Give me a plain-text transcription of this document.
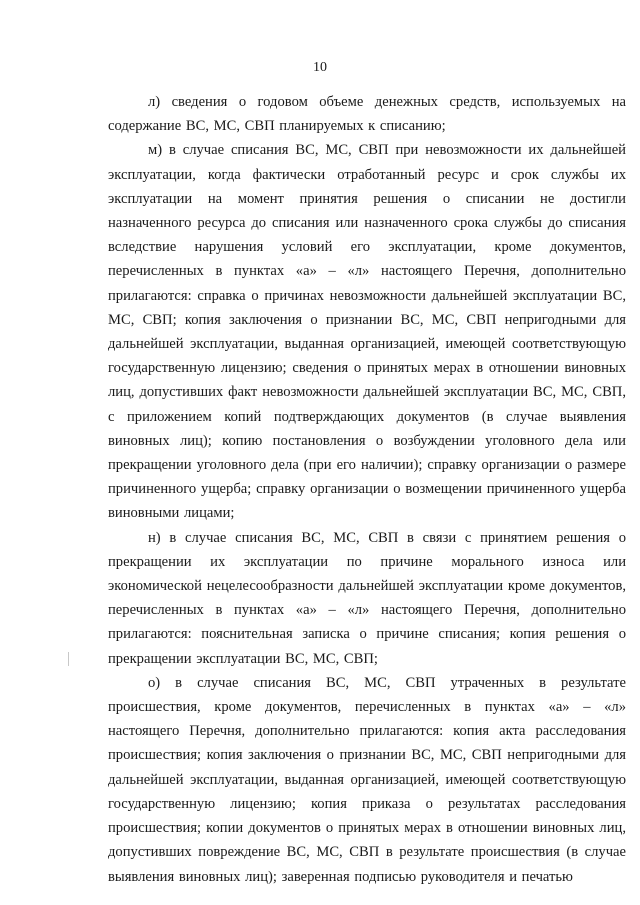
10

л) сведения о годовом объеме денежных средств, используемых на содержание ВС, МС, СВП планируемых к списанию;

м) в случае списания ВС, МС, СВП при невозможности их дальнейшей эксплуатации, когда фактически отработанный ресурс и срок службы их эксплуатации на момент принятия решения о списании не достигли назначенного ресурса до списания или назначенного срока службы до списания вследствие нарушения условий его эксплуатации, кроме документов, перечисленных в пунктах «а» – «л» настоящего Перечня, дополнительно прилагаются: справка о причинах невозможности дальнейшей эксплуатации ВС, МС, СВП; копия заключения о признании ВС, МС, СВП непригодными для дальнейшей эксплуатации, выданная организацией, имеющей соответствующую государственную лицензию; сведения о принятых мерах в отношении виновных лиц, допустивших факт невозможности дальнейшей эксплуатации ВС, МС, СВП, с приложением копий подтверждающих документов (в случае выявления виновных лиц); копию постановления о возбуждении уголовного дела или прекращении уголовного дела (при его наличии); справку организации о размере причиненного ущерба; справку организации о возмещении причиненного ущерба виновными лицами;

н) в случае списания ВС, МС, СВП в связи с принятием решения о прекращении их эксплуатации по причине морального износа или экономической нецелесообразности дальнейшей эксплуатации кроме документов, перечисленных в пунктах «а» – «л» настоящего Перечня, дополнительно прилагаются: пояснительная записка о причине списания; копия решения о прекращении эксплуатации ВС, МС, СВП;

о) в случае списания ВС, МС, СВП утраченных в результате происшествия, кроме документов, перечисленных в пунктах «а» – «л» настоящего Перечня, дополнительно прилагаются: копия акта расследования происшествия; копия заключения о признании ВС, МС, СВП непригодными для дальнейшей эксплуатации, выданная организацией, имеющей соответствующую государственную лицензию; копия приказа о результатах расследования происшествия; копии документов о принятых мерах в отношении виновных лиц, допустивших повреждение ВС, МС, СВП в результате происшествия (в случае выявления виновных лиц); заверенная подписью руководителя и печатью
